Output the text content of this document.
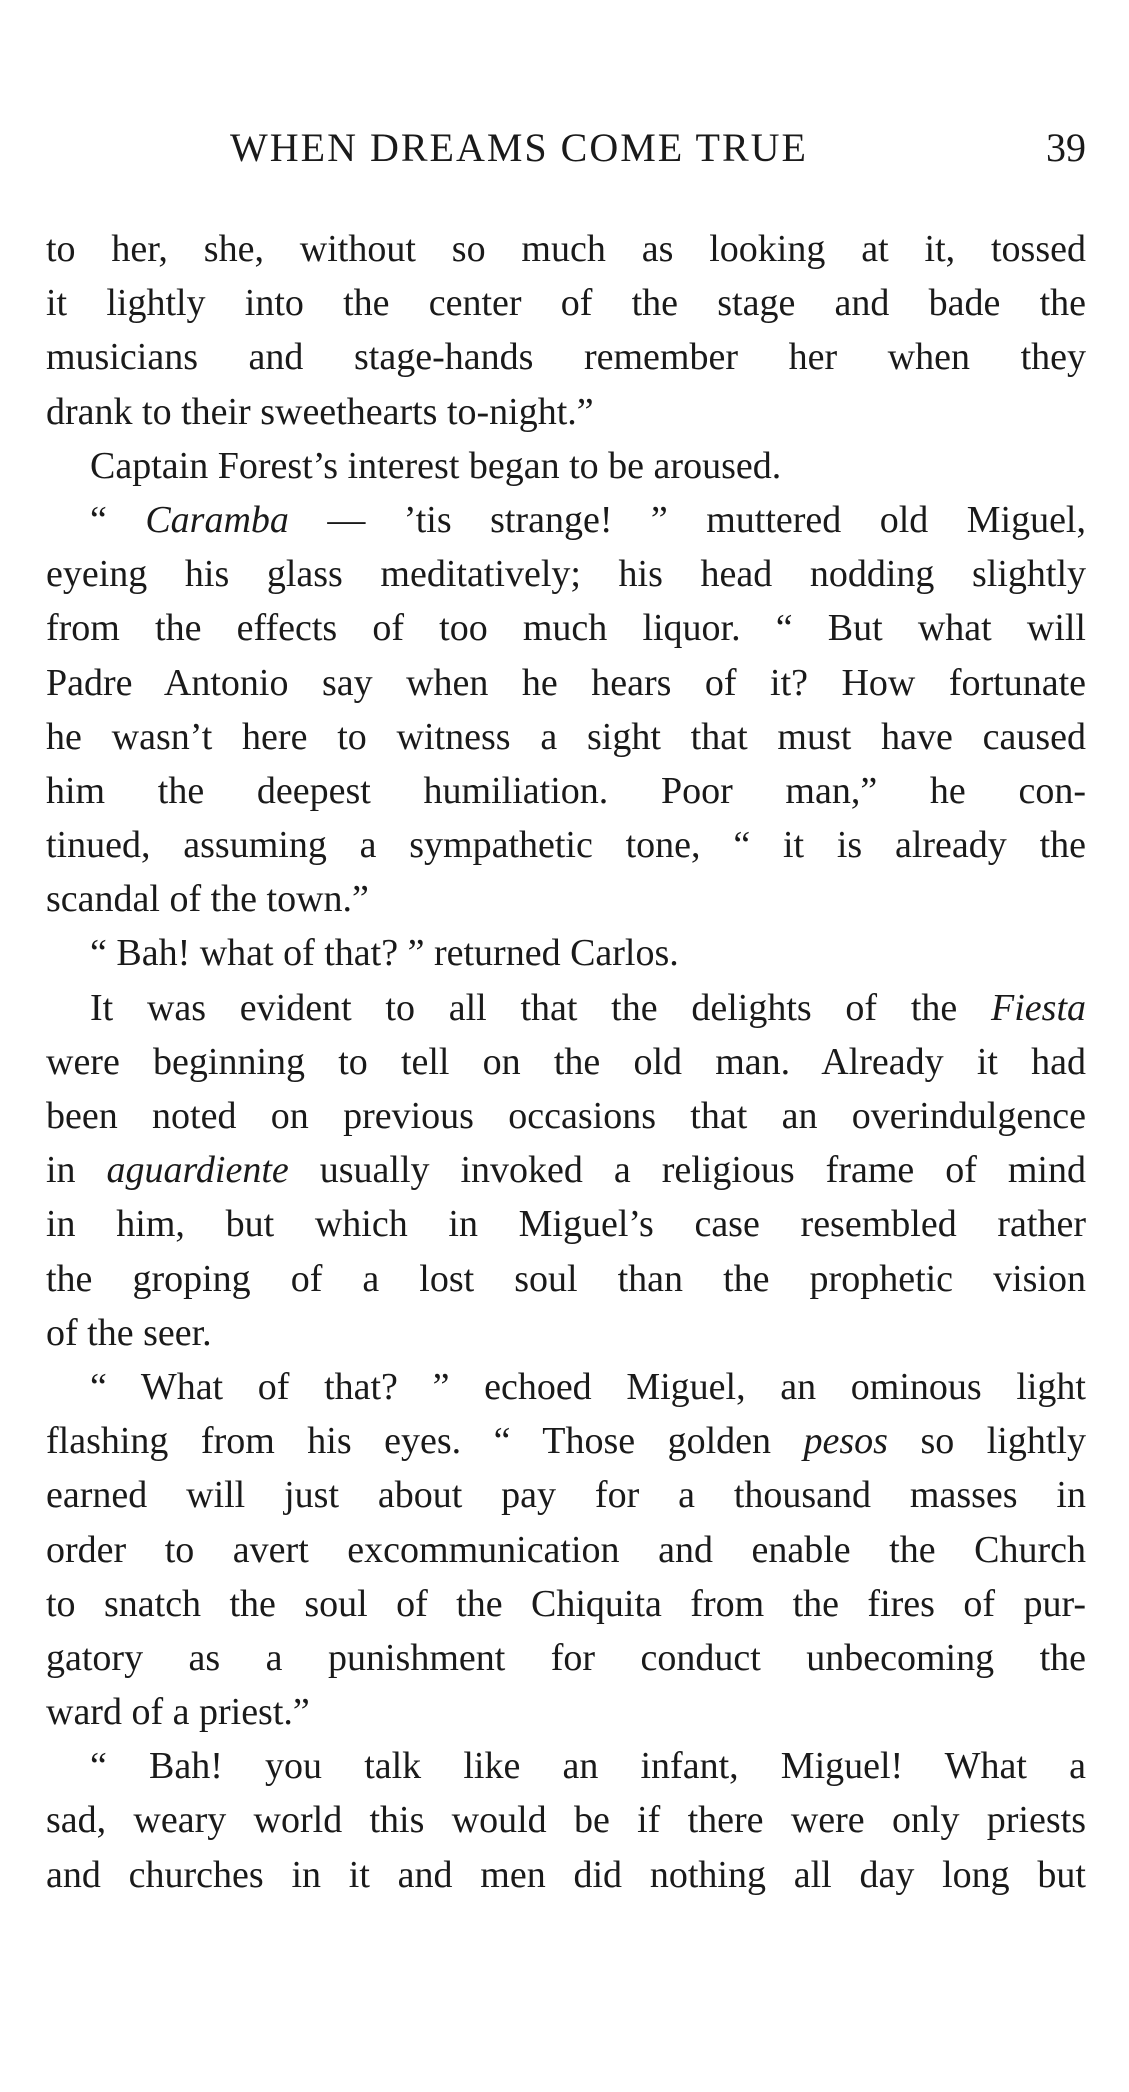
WHEN DREAMS COME TRUE	39
to her, she, without so much as looking at it, tossed
it lightly into the center of the stage and bade the
musicians and stage-hands remember her when they
drank to their sweethearts to-night.”
Captain Forest’s interest began to be aroused.
“ Caramba — ’tis strange! ” muttered old Miguel,
eyeing his glass meditatively; his head nodding slightly
from the effects of too much liquor. “ But what will
Padre Antonio say when he hears of it? How fortunate
he wasn’t here to witness a sight that must have caused
him the deepest humiliation. Poor man,” he con-
tinued, assuming a sympathetic tone, “ it is already the
scandal of the town.”
“ Bah! what of that? ” returned Carlos.
It was evident to all that the delights of the Fiesta
were beginning to tell on the old man. Already it had
been noted on previous occasions that an overindulgence
in aguardiente usually invoked a religious frame of mind
in him, but which in Miguel’s case resembled rather
the groping of a lost soul than the prophetic vision
of the seer.
“ What of that? ” echoed Miguel, an ominous light
flashing from his eyes. “ Those golden pesos so lightly
earned will just about pay for a thousand masses in
order to avert excommunication and enable the Church
to snatch the soul of the Chiquita from the fires of pur-
gatory as a punishment for conduct unbecoming the
ward of a priest.”
“ Bah! you talk like an infant, Miguel! What a
sad, weary world this would be if there were only priests
and churches in it and men did nothing all day long but
